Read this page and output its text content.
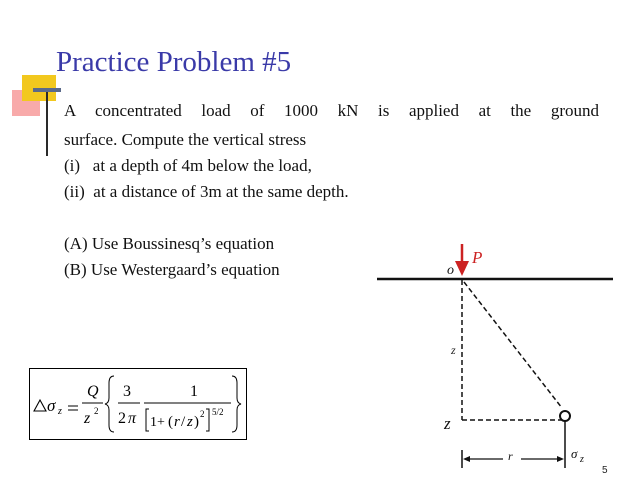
Practice Problem #5
A concentrated load of 1000 kN is applied at the ground
surface. Compute the vertical stress
(i)   at a depth of 4m below the load,
(ii)  at a distance of 3m at the same depth.
(A) Use Boussinesq’s equation
(B) Use Westergaard’s equation
σ z
Q
z 2
3
2 π
1
1+ ( r / z ) 2 5/2
P
o
z
z
r	σ z
5
